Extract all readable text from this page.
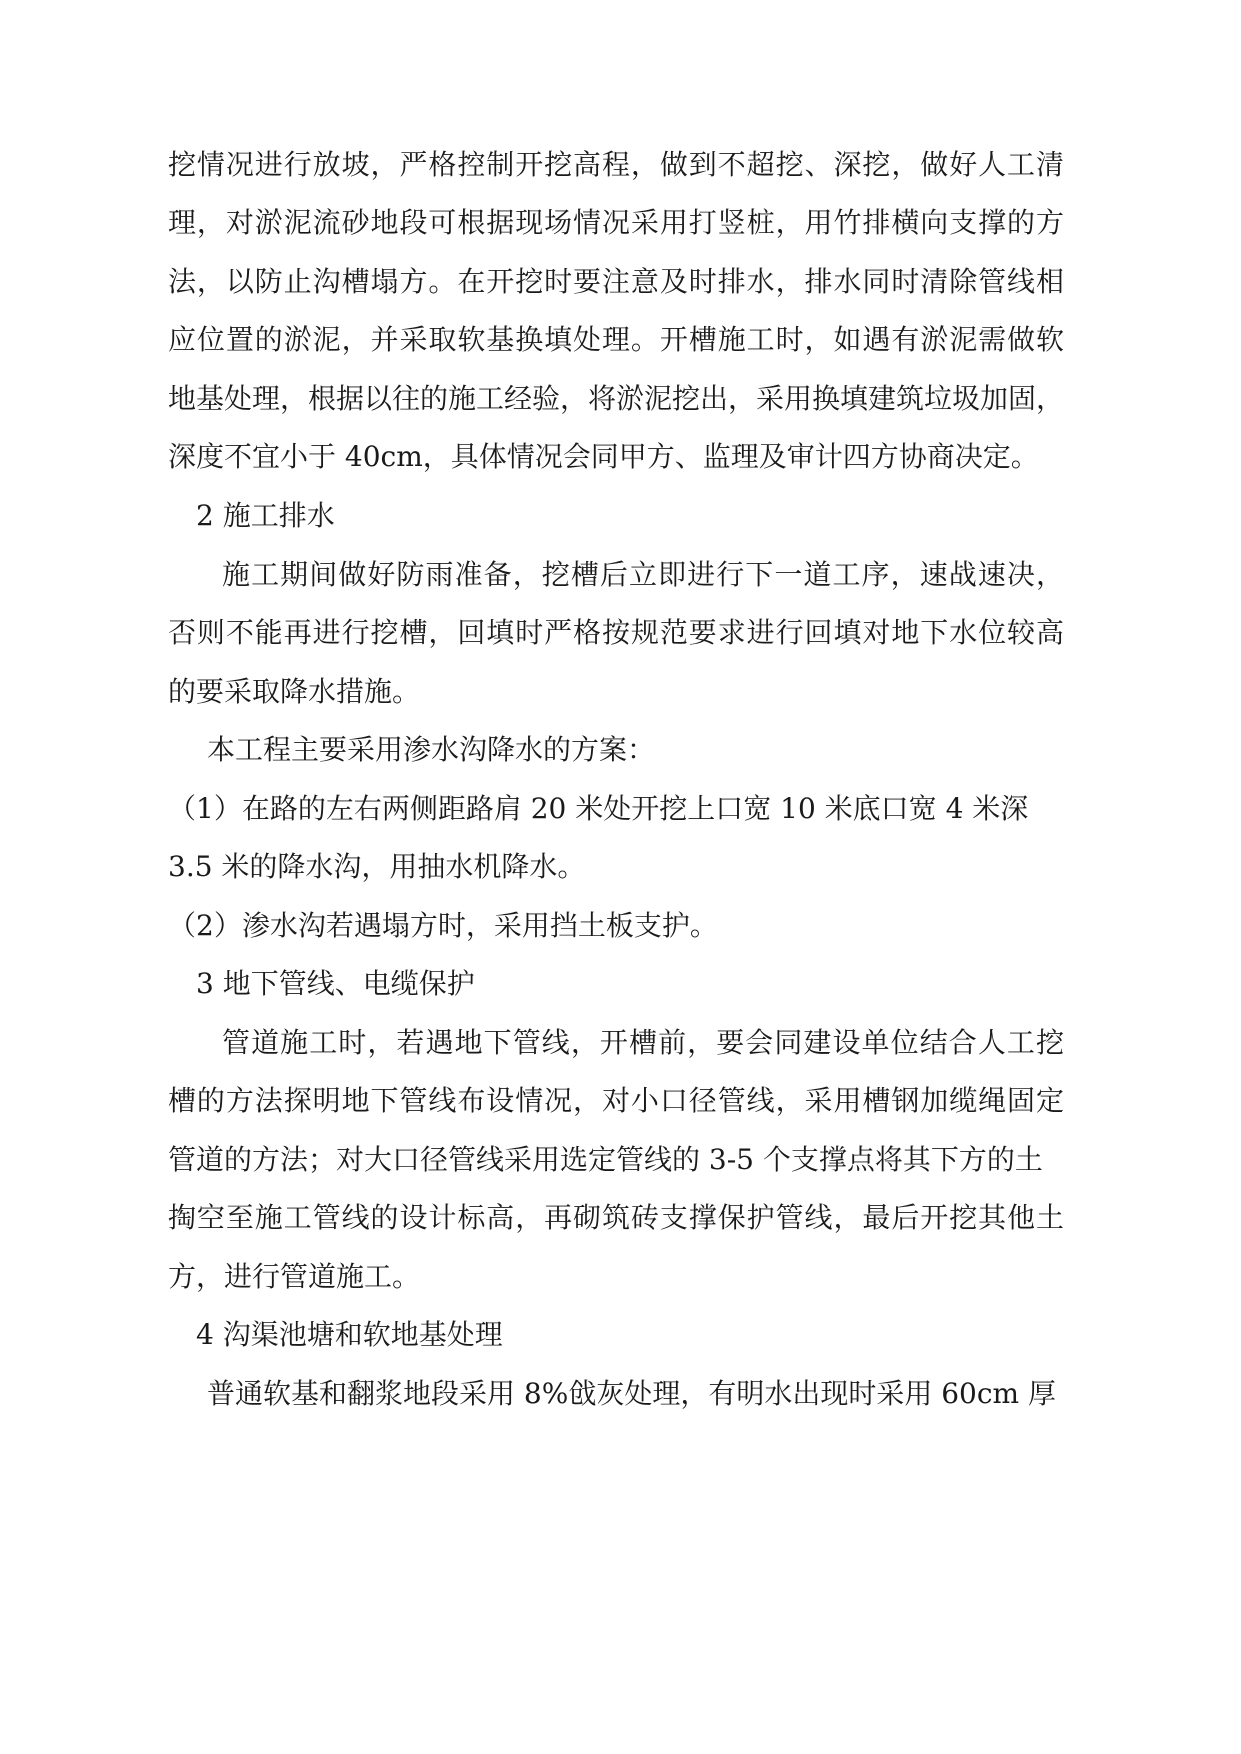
挖情况进行放坡，严格控制开挖高程，做到不超挖、深挖，做好人工清
理，对淤泥流砂地段可根据现场情况采用打竖桩，用竹排横向支撑的方
法，以防止沟槽塌方。在开挖时要注意及时排水，排水同时清除管线相
应位置的淤泥，并采取软基换填处理。开槽施工时，如遇有淤泥需做软
地基处理，根据以往的施工经验，将淤泥挖出，采用换填建筑垃圾加固，
深度不宜小于 40cm，具体情况会同甲方、监理及审计四方协商决定。
2 施工排水
施工期间做好防雨准备，挖槽后立即进行下一道工序，速战速决，
否则不能再进行挖槽，回填时严格按规范要求进行回填对地下水位较高
的要采取降水措施。
本工程主要采用渗水沟降水的方案：
（1）在路的左右两侧距路肩 20 米处开挖上口宽 10 米底口宽 4 米深
3.5 米的降水沟，用抽水机降水。
（2）渗水沟若遇塌方时，采用挡土板支护。
3 地下管线、电缆保护
管道施工时，若遇地下管线，开槽前，要会同建设单位结合人工挖
槽的方法探明地下管线布设情况，对小口径管线，采用槽钢加缆绳固定
管道的方法；对大口径管线采用选定管线的 3-5 个支撑点将其下方的土
掏空至施工管线的设计标高，再砌筑砖支撑保护管线，最后开挖其他土
方，进行管道施工。
4 沟渠池塘和软地基处理
普通软基和翻浆地段采用 8%戗灰处理，有明水出现时采用 60cm 厚
